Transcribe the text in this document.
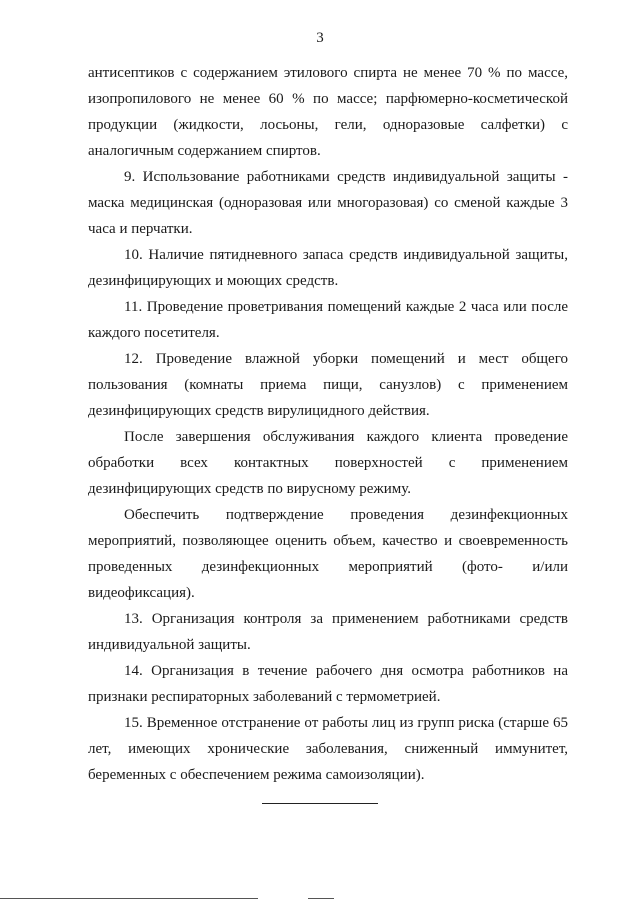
3

антисептиков с содержанием этилового спирта не менее 70 % по массе, изопропилового не менее 60 % по массе; парфюмерно-косметической продукции (жидкости, лосьоны, гели, одноразовые салфетки) с аналогичным содержанием спиртов.

9. Использование работниками средств индивидуальной защиты - маска медицинская (одноразовая или многоразовая) со сменой каждые 3 часа и перчатки.

10. Наличие пятидневного запаса средств индивидуальной защиты, дезинфицирующих и моющих средств.

11. Проведение проветривания помещений каждые 2 часа или после каждого посетителя.

12. Проведение влажной уборки помещений и мест общего пользования (комнаты приема пищи, санузлов) с применением дезинфицирующих средств вирулицидного действия.

После завершения обслуживания каждого клиента проведение обработки всех контактных поверхностей с применением дезинфицирующих средств по вирусному режиму.

Обеспечить подтверждение проведения дезинфекционных мероприятий, позволяющее оценить объем, качество и своевременность проведенных дезинфекционных мероприятий (фото- и/или видеофиксация).

13. Организация контроля за применением работниками средств индивидуальной защиты.

14. Организация в течение рабочего дня осмотра работников на признаки респираторных заболеваний с термометрией.

15. Временное отстранение от работы лиц из групп риска (старше 65 лет, имеющих хронические заболевания, сниженный иммунитет, беременных с обеспечением режима самоизоляции).
